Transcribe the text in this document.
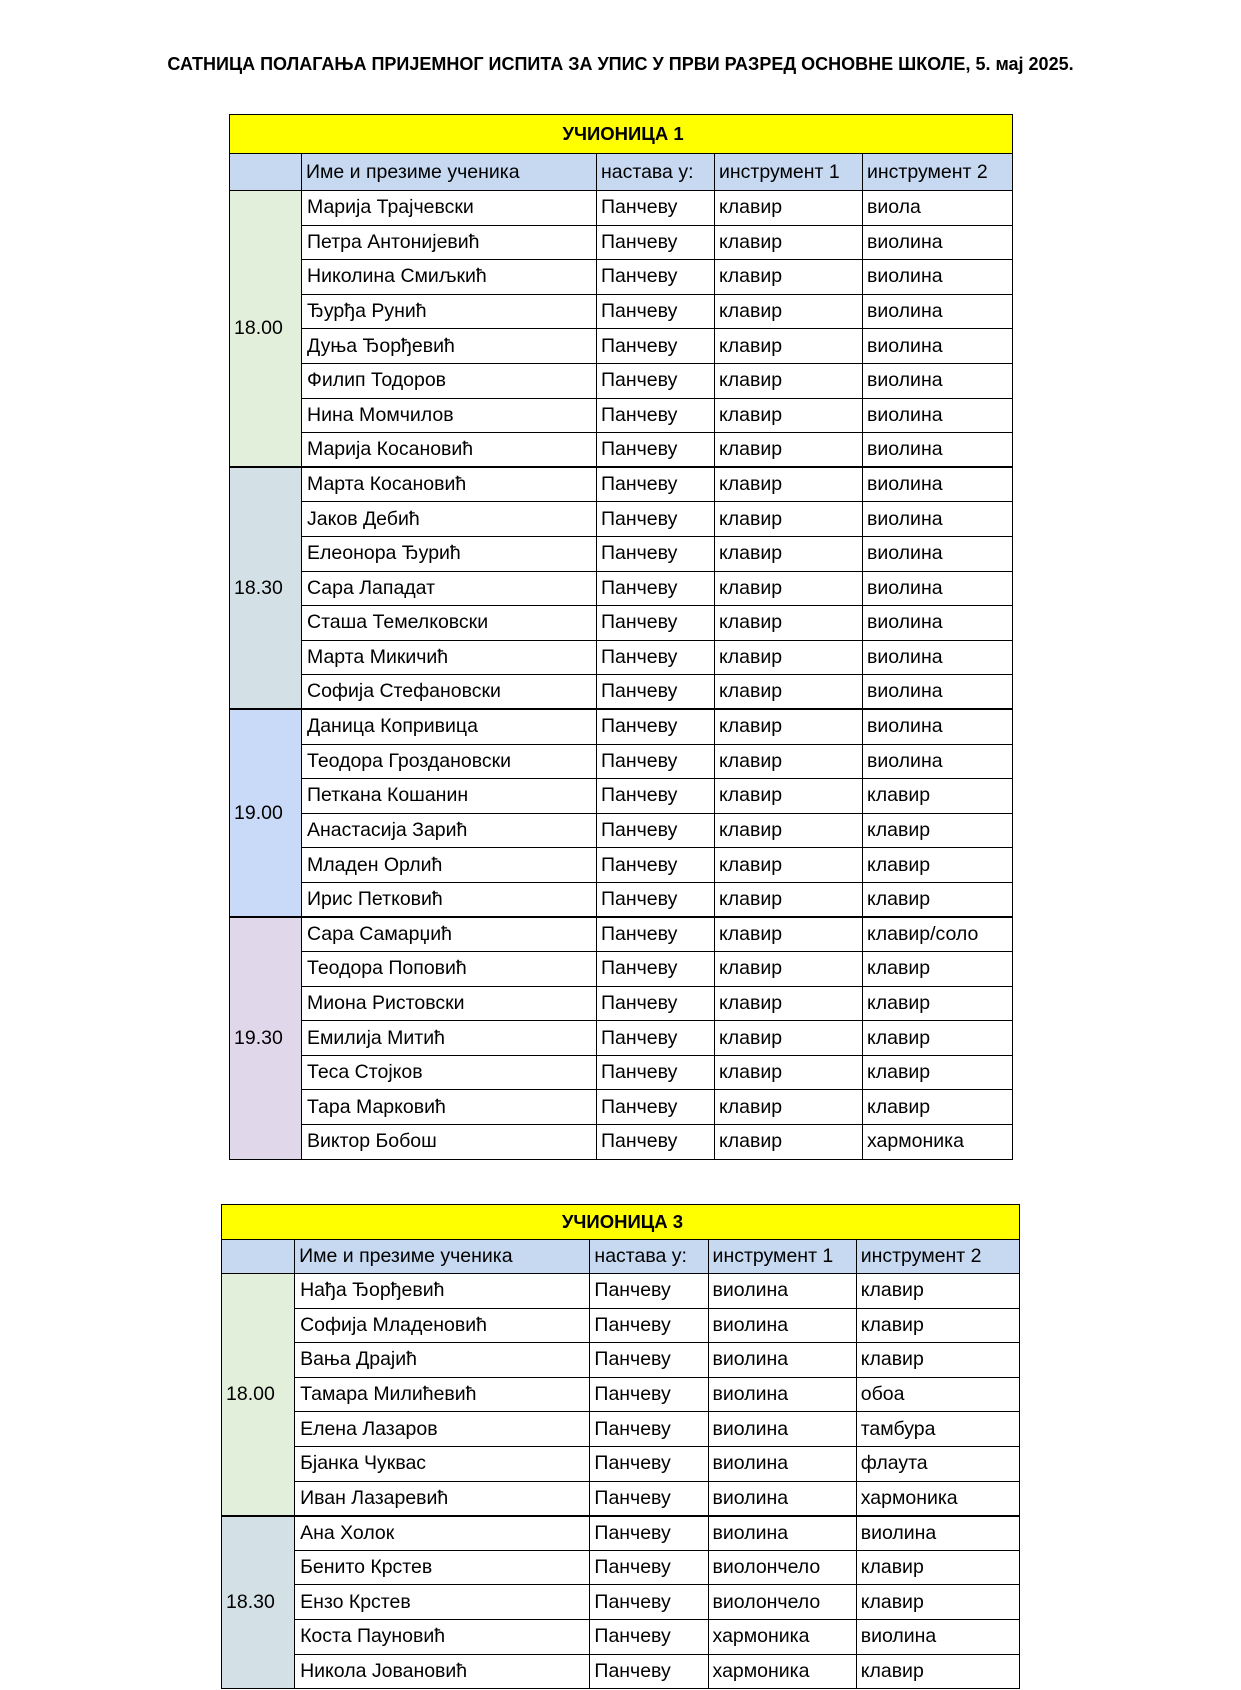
САТНИЦА ПОЛАГАЊА ПРИЈЕМНОГ ИСПИТА ЗА УПИС У ПРВИ РАЗРЕД ОСНОВНЕ ШКОЛЕ, 5. мај 2025.
УЧИОНИЦА 1				
	Име и презиме ученика	настава у:	инструмент 1	инструмент 2
18.00	Марија Трајчевски	Панчеву	клавир	виола
	Петра Антонијевић	Панчеву	клавир	виолина
	Николина Смиљкић	Панчеву	клавир	виолина
	Ђурђа Рунић	Панчеву	клавир	виолина
	Дуња Ђорђевић	Панчеву	клавир	виолина
	Филип Тодоров	Панчеву	клавир	виолина
	Нина Момчилов	Панчеву	клавир	виолина
	Марија Косановић	Панчеву	клавир	виолина
18.30	Марта Косановић	Панчеву	клавир	виолина
	Јаков Дебић	Панчеву	клавир	виолина
	Елеонора Ђурић	Панчеву	клавир	виолина
	Сара Лападат	Панчеву	клавир	виолина
	Сташа Темелковски	Панчеву	клавир	виолина
	Марта Микичић	Панчеву	клавир	виолина
	Софија Стефановски	Панчеву	клавир	виолина
19.00	Даница Копривица	Панчеву	клавир	виолина
	Теодора Гроздановски	Панчеву	клавир	виолина
	Петкана Кошанин	Панчеву	клавир	клавир
	Анастасија Зарић	Панчеву	клавир	клавир
	Младен Орлић	Панчеву	клавир	клавир
	Ирис Петковић	Панчеву	клавир	клавир
19.30	Сара Самарџић	Панчеву	клавир	клавир/соло
	Теодора Поповић	Панчеву	клавир	клавир
	Миона Ристовски	Панчеву	клавир	клавир
	Емилија Митић	Панчеву	клавир	клавир
	Теса Стојков	Панчеву	клавир	клавир
	Тара Марковић	Панчеву	клавир	клавир
	Виктор Бобош	Панчеву	клавир	хармоника
УЧИОНИЦА 3				
	Име и презиме ученика	настава у:	инструмент 1	инструмент 2
18.00	Нађа Ђорђевић	Панчеву	виолина	клавир
	Софија Младеновић	Панчеву	виолина	клавир
	Вања Драјић	Панчеву	виолина	клавир
	Тамара Милићевић	Панчеву	виолина	обоа
	Елена Лазаров	Панчеву	виолина	тамбура
	Бјанка Чуквас	Панчеву	виолина	флаута
	Иван Лазаревић	Панчеву	виолина	хармоника
18.30	Ана Холок	Панчеву	виолина	виолина
	Бенито Крстев	Панчеву	виолончело	клавир
	Ензо Крстев	Панчеву	виолончело	клавир
	Коста Пауновић	Панчеву	хармоника	виолина
	Никола Јовановић	Панчеву	хармоника	клавир
